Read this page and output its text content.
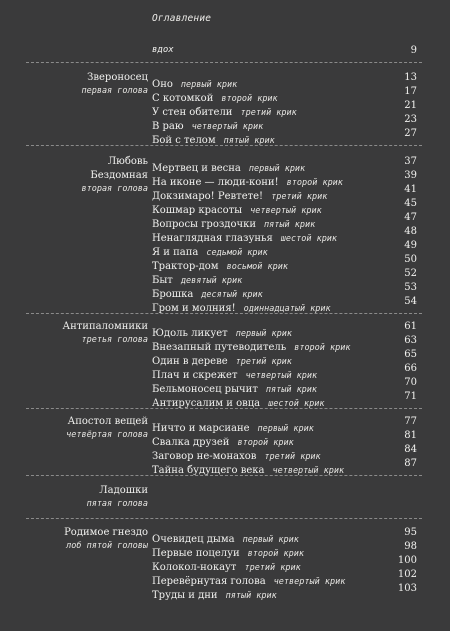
Оглавление
вдох	9
Звероносец
первая голова
Оно первый крик
13
С котомкой второй крик
17
У стен обители третий крик
21
В раю четвертый крик
23
Бой с телом пятый крик
27
Любовь
Бездомная
вторая голова
Мертвец и весна первый крик
37
На иконе — люди-кони! второй крик
39
Докзимаро! Ревтете! третий крик
41
Кошмар красоты четвертый крик
45
Вопросы гроздочки пятый крик
47
Ненаглядная глазунья шестой крик
48
Я и папа седьмой крик
49
Трактор-дом восьмой крик
50
Быт девятый крик
52
Брошка десятый крик
53
Гром и молния! одиннадцатый крик
54
Антипаломники
третья голова
Юдоль ликует первый крик
61
Внезапный путеводитель второй крик
63
Один в дереве третий крик
65
Плач и скрежет четвертый крик
66
Бельмоносец рычит пятый крик
70
Антирусалим и овца шестой крик
71
Апостол вещей
четвёртая голова
Ничто и марсиане первый крик
77
Свалка друзей второй крик
81
Заговор не-монахов третий крик
84
Тайна будущего века четвертый крик
87
Ладошки
пятая голова
Родимое гнездо
лоб пятой головы
Очевидец дыма первый крик
95
Первые поцелуи второй крик
98
Колокол-нокаут третий крик
100
Перевёрнутая голова четвертый крик
102
Труды и дни пятый крик
103
